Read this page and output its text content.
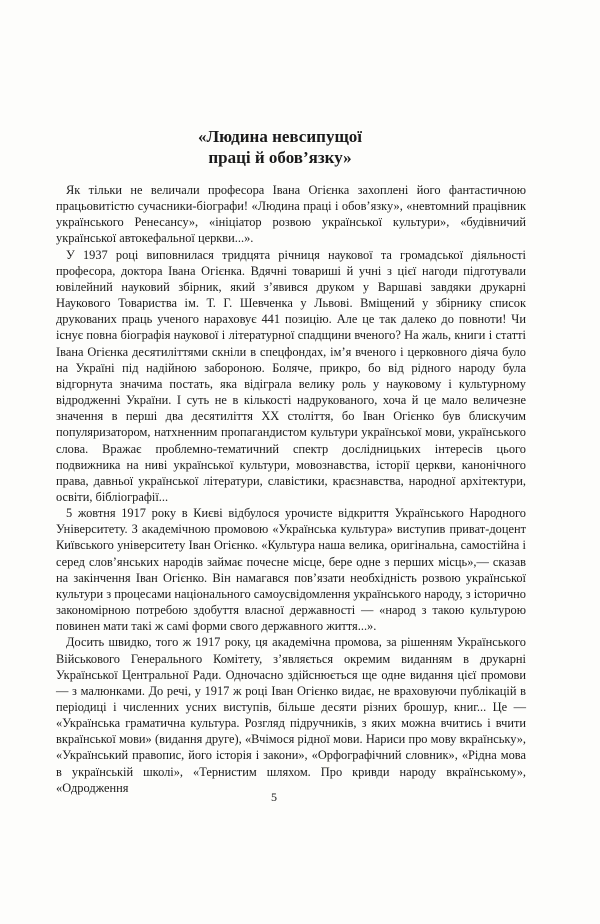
«Людина невсипущої
праці й обов’язку»

Як тільки не величали професора Івана Огієнка захоплені його фантастичною працьовитістю сучасники-біографи! «Людина праці і обов’язку», «невтомний працівник українського Ренесансу», «ініціатор розвою української культури», «будівничий української автокефальної церкви...».

У 1937 році виповнилася тридцята річниця наукової та громадської діяльності професора, доктора Івана Огієнка. Вдячні товариші й учні з цієї нагоди підготували ювілейний науковий збірник, який з’явився друком у Варшаві завдяки друкарні Наукового Товариства ім. Т. Г. Шевченка у Львові. Вміщений у збірнику список друкованих праць ученого нараховує 441 позицію. Але це так далеко до повноти! Чи існує повна біографія наукової і літературної спадщини вченого? На жаль, книги і статті Івана Огієнка десятиліттями скніли в спецфондах, ім’я вченого і церковного діяча було на Україні під надійною забороною. Боляче, прикро, бо від рідного народу була відгорнута значима постать, яка відіграла велику роль у науковому і культурному відродженні України. І суть не в кількості надрукованого, хоча й це мало величезне значення в перші два десятиліття XX століття, бо Іван Огієнко був блискучим популяризатором, натхненним пропагандистом культури української мови, українського слова. Вражає проблемно-тематичний спектр дослідницьких інтересів цього подвижника на ниві української культури, мовознавства, історії церкви, канонічного права, давньої української літератури, славістики, краєзнавства, народної архітектури, освіти, бібліографії...

5 жовтня 1917 року в Києві відбулося урочисте відкриття Українського Народного Університету. З академічною промовою «Українська культура» виступив приват-доцент Київського університету Іван Огієнко. «Культура наша велика, оригінальна, самостійна і серед слов’янських народів займає почесне місце, бере одне з перших місць»,— сказав на закінчення Іван Огієнко. Він намагався пов’язати необхідність розвою української культури з процесами національного самоусвідомлення українського народу, з історично закономірною потребою здобуття власної державності — «народ з такою культурою повинен мати такі ж самі форми свого державного життя...».

Досить швидко, того ж 1917 року, ця академічна промова, за рішенням Українського Військового Генерального Комітету, з’являється окремим виданням в друкарні Української Центральної Ради. Одночасно здійснюється ще одне видання цієї промови — з малюнками. До речі, у 1917 ж році Іван Огієнко видає, не враховуючи публікацій в періодиці і численних усних виступів, більше десяти різних брошур, книг... Це — «Українська граматична культура. Розгляд підручників, з яких можна вчитись і вчити вкраїнської мови» (видання друге), «Вчімося рідної мови. Нариси про мову вкраїнську», «Український правопис, його історія і закони», «Орфографічний словник», «Рідна мова в українській школі», «Тернистим шляхом. Про кривди народу вкраїнському», «Одродження

5
